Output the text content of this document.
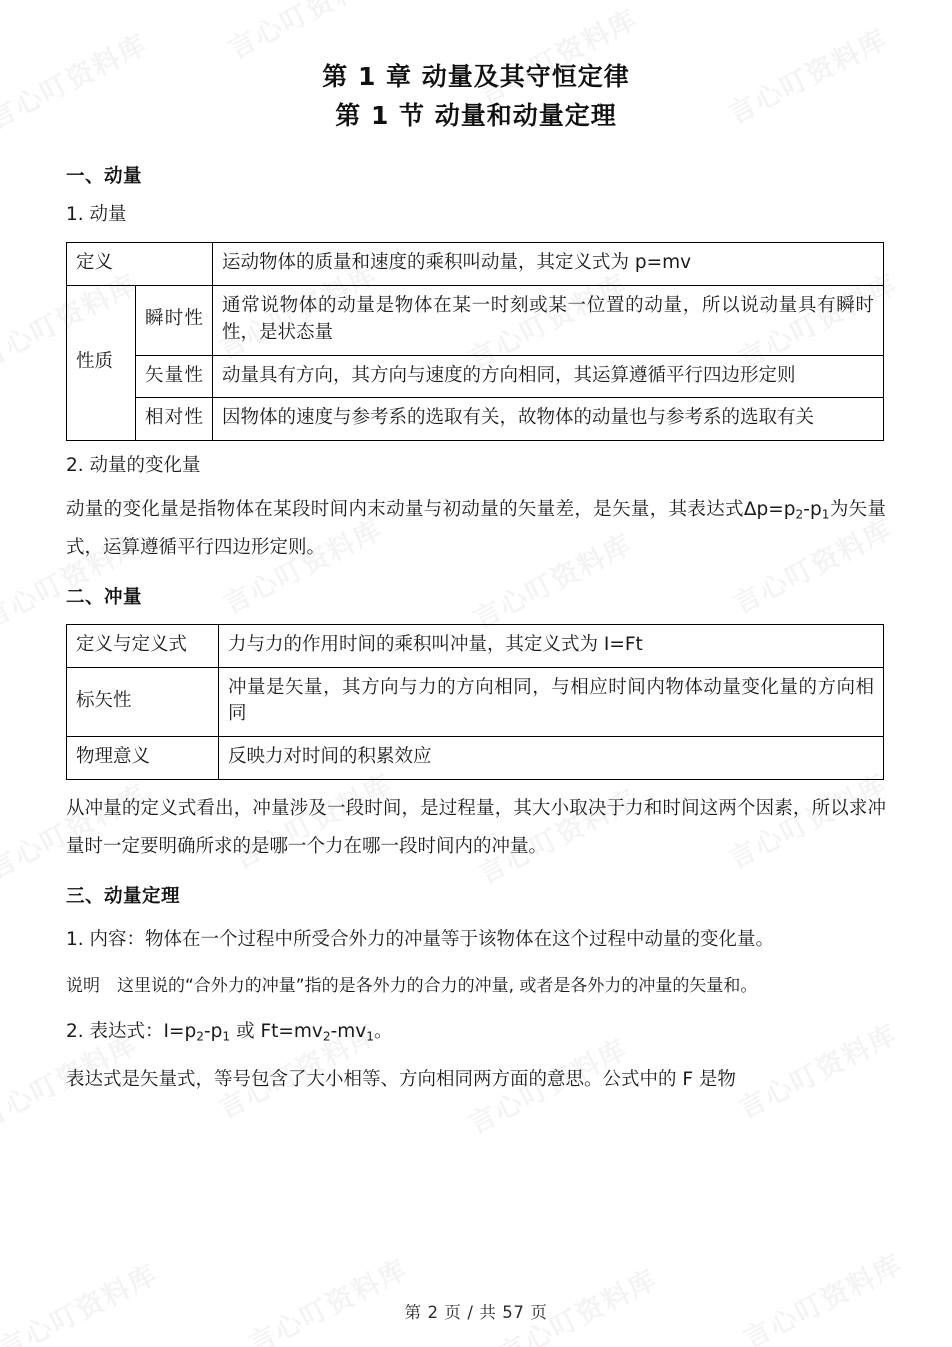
第 1 章 动量及其守恒定律
第 1 节 动量和动量定理
一、动量
1. 动量
定义		运动物体的质量和速度的乘积叫动量，其定义式为 p=mv
性质	瞬时性	通常说物体的动量是物体在某一时刻或某一位置的动量，所以说动量具有瞬时性，是状态量
	矢量性	动量具有方向，其方向与速度的方向相同，其运算遵循平行四边形定则
	相对性	因物体的速度与参考系的选取有关，故物体的动量也与参考系的选取有关
2. 动量的变化量
动量的变化量是指物体在某段时间内末动量与初动量的矢量差，是矢量，其表达式$\Delta p=p_2-p_1$为矢量式，运算遵循平行四边形定则。
二、冲量
定义与定义式	力与力的作用时间的乘积叫冲量，其定义式为 I=Ft
标矢性	冲量是矢量，其方向与力的方向相同，与相应时间内物体动量变化量的方向相同
物理意义	反映力对时间的积累效应
从冲量的定义式看出，冲量涉及一段时间，是过程量，其大小取决于力和时间这两个因素，所以求冲量时一定要明确所求的是哪一个力在哪一段时间内的冲量。
三、动量定理
1. 内容：物体在一个过程中所受合外力的冲量等于该物体在这个过程中动量的变化量。
说明　这里说的“合外力的冲量”指的是各外力的合力的冲量, 或者是各外力的冲量的矢量和。
2. 表达式：$I=p_2-p_1$ 或 $Ft=mv_2-mv_1$。
表达式是矢量式，等号包含了大小相等、方向相同两方面的意思。公式中的 F 是物
第 2 页 / 共 57 页
